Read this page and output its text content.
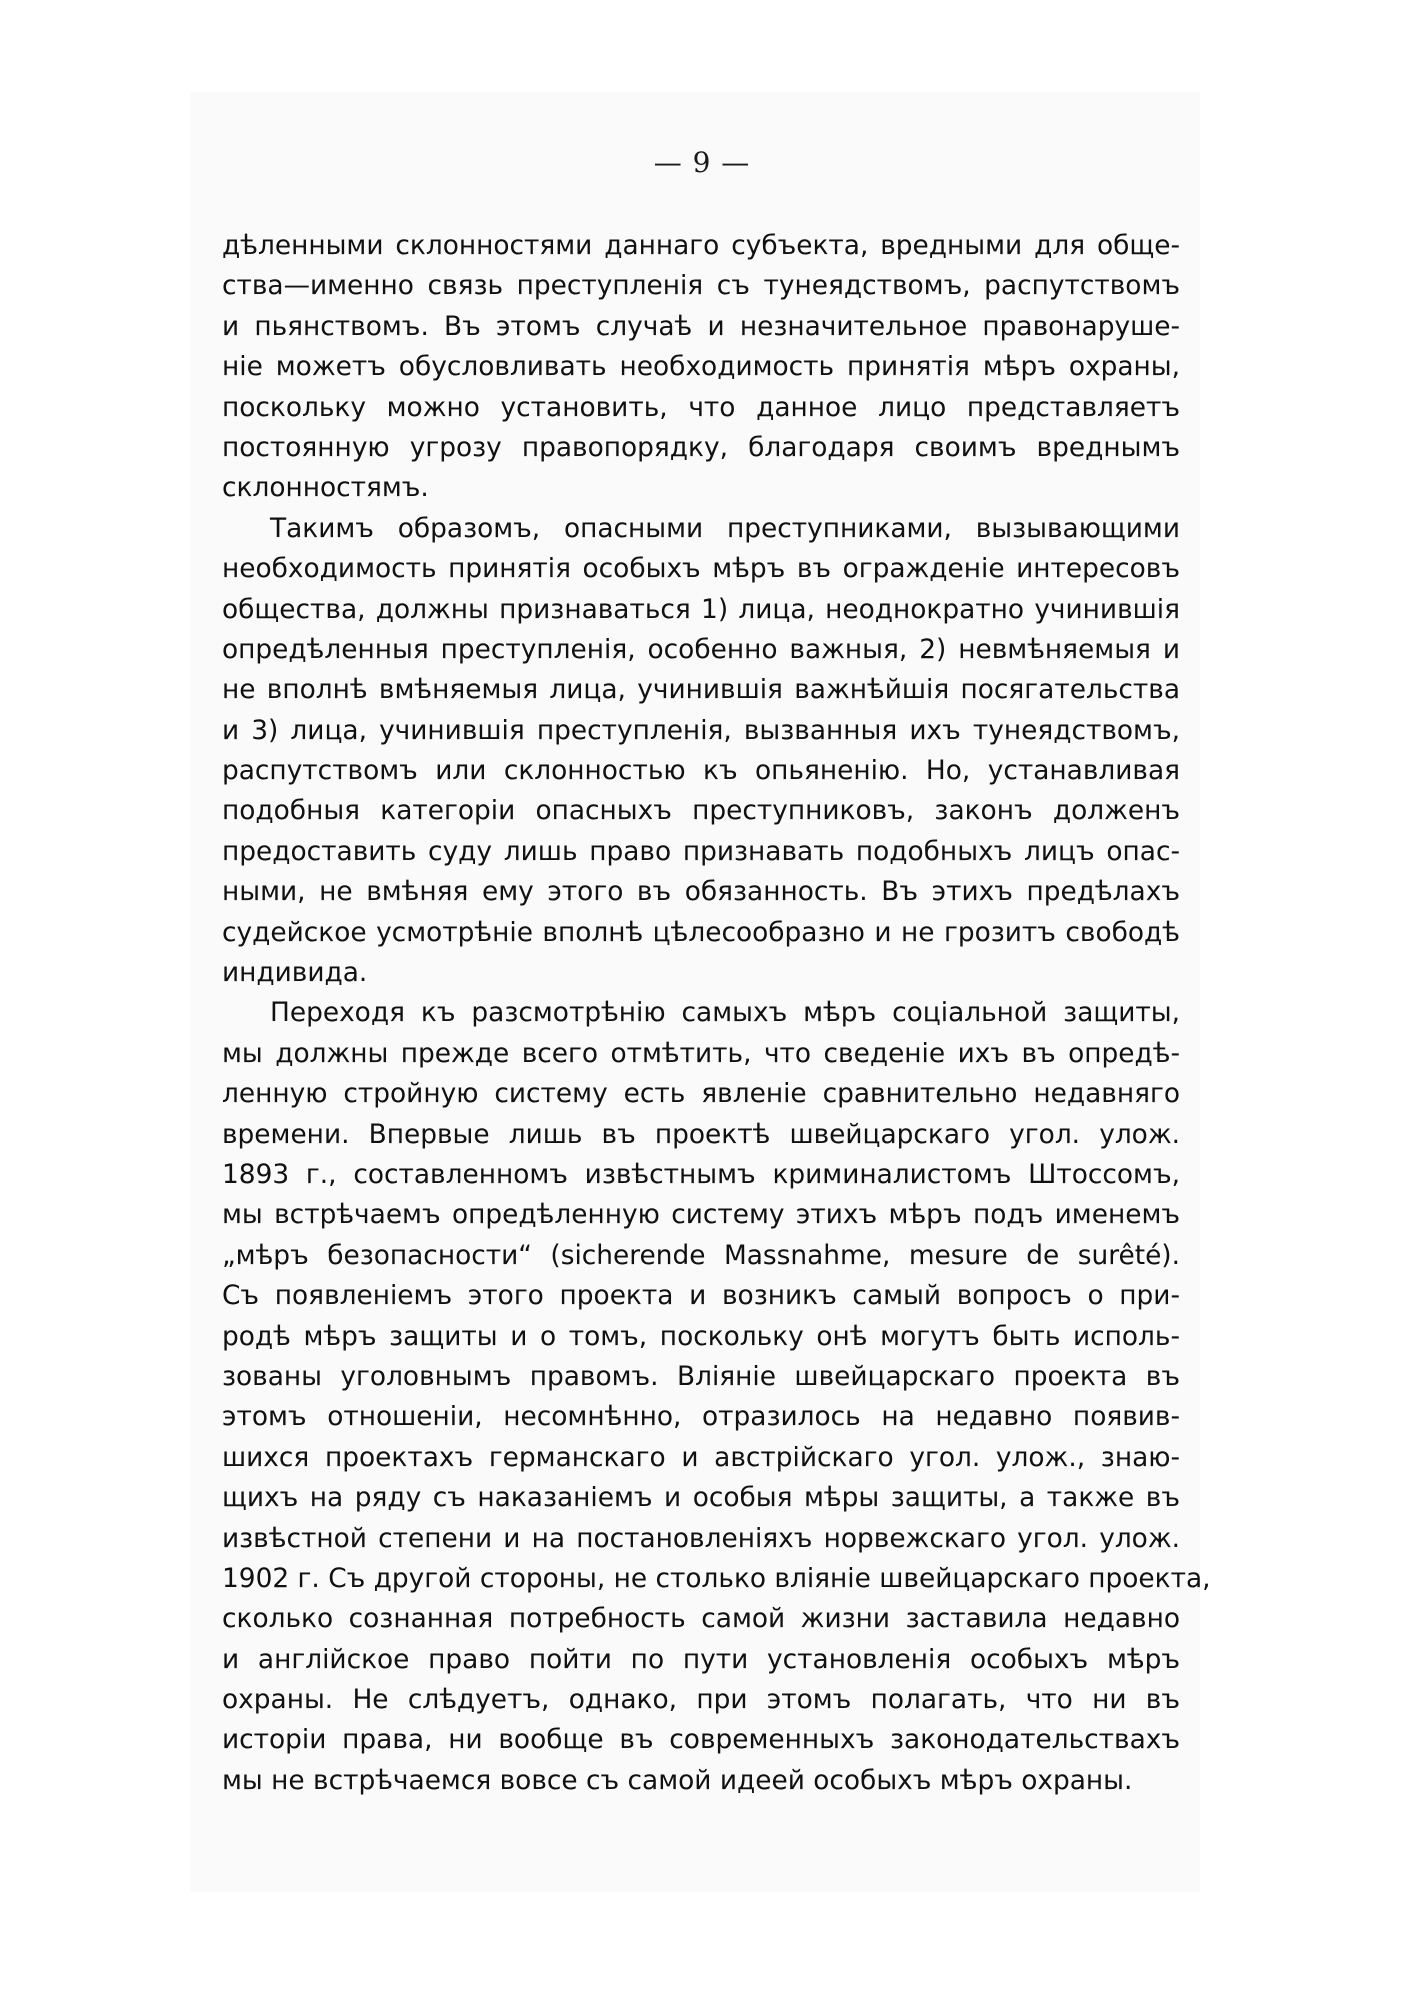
— 9 —
дѣленными склонностями даннаго субъекта, вредными для обще-
ства—именно связь преступленія съ тунеядствомъ, распутствомъ
и пьянствомъ. Въ этомъ случаѣ и незначительное правонаруше-
ніе можетъ обусловливать необходимость принятія мѣръ охраны,
поскольку можно установить, что данное лицо представляетъ
постоянную угрозу правопорядку, благодаря своимъ вреднымъ
склонностямъ.
Такимъ образомъ, опасными преступниками, вызывающими
необходимость принятія особыхъ мѣръ въ огражденіе интересовъ
общества, должны признаваться 1) лица, неоднократно учинившія
опредѣленныя преступленія, особенно важныя, 2) невмѣняемыя и
не вполнѣ вмѣняемыя лица, учинившія важнѣйшія посягательства
и 3) лица, учинившія преступленія, вызванныя ихъ тунеядствомъ,
распутствомъ или склонностью къ опьяненію. Но, устанавливая
подобныя категоріи опасныхъ преступниковъ, законъ долженъ
предоставить суду лишь право признавать подобныхъ лицъ опас-
ными, не вмѣняя ему этого въ обязанность. Въ этихъ предѣлахъ
судейское усмотрѣніе вполнѣ цѣлесообразно и не грозитъ свободѣ
индивида.
Переходя къ разсмотрѣнію самыхъ мѣръ соціальной защиты,
мы должны прежде всего отмѣтить, что сведеніе ихъ въ опредѣ-
ленную стройную систему есть явленіе сравнительно недавняго
времени. Впервые лишь въ проектѣ швейцарскаго угол. улож.
1893 г., составленномъ извѣстнымъ криминалистомъ Штоссомъ,
мы встрѣчаемъ опредѣленную систему этихъ мѣръ подъ именемъ
„мѣръ безопасности“ (sicherende Massnahme, mesure de surêté).
Съ появленіемъ этого проекта и возникъ самый вопросъ о при-
родѣ мѣръ защиты и о томъ, поскольку онѣ могутъ быть исполь-
зованы уголовнымъ правомъ. Вліяніе швейцарскаго проекта въ
этомъ отношеніи, несомнѣнно, отразилось на недавно появив-
шихся проектахъ германскаго и австрійскаго угол. улож., знаю-
щихъ на ряду съ наказаніемъ и особыя мѣры защиты, а также въ
извѣстной степени и на постановленіяхъ норвежскаго угол. улож.
1902 г. Съ другой стороны, не столько вліяніе швейцарскаго проекта,
сколько сознанная потребность самой жизни заставила недавно
и англійское право пойти по пути установленія особыхъ мѣръ
охраны. Не слѣдуетъ, однако, при этомъ полагать, что ни въ
исторіи права, ни вообще въ современныхъ законодательствахъ
мы не встрѣчаемся вовсе съ самой идеей особыхъ мѣръ охраны.
